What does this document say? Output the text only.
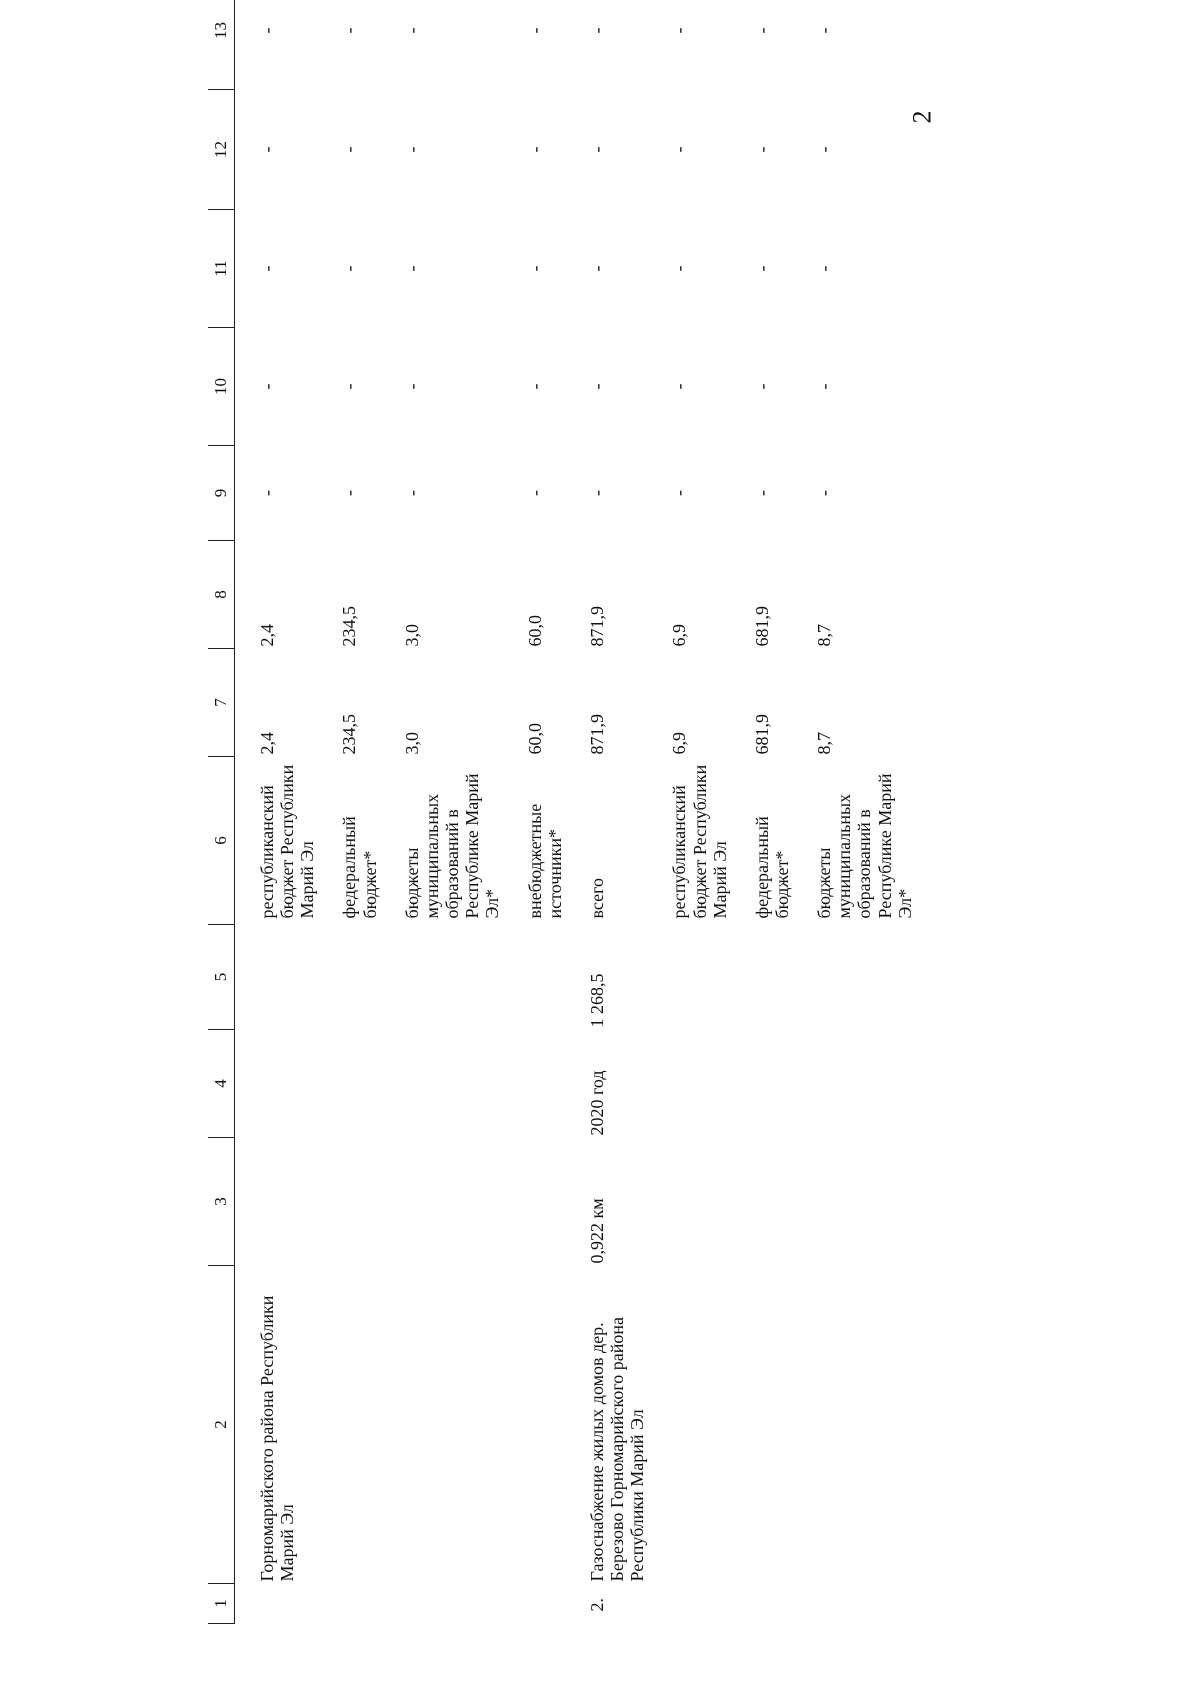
2
1	2	3	4	5	6	7	8	9	10	11	12	13

	Горномарийского района Республики Марий Эл				республиканский бюджет Республики Марий Эл	2,4	2,4	-	-	-	-	-

					федеральный бюджет*	234,5	234,5	-	-	-	-	-

					бюджеты муниципальных образований в Республике Марий Эл*	3,0	3,0	-	-	-	-	-

					внебюджетные источники*	60,0	60,0	-	-	-	-	-

2.	Газоснабжение жилых домов дер. Березово Горномарийского района Республики Марий Эл	0,922 км	2020 год	1 268,5	всего	871,9	871,9	-	-	-	-	-

					республиканский бюджет Республики Марий Эл	6,9	6,9	-	-	-	-	-

					федеральный бюджет*	681,9	681,9	-	-	-	-	-

					бюджеты муниципальных образований в Республике Марий Эл*	8,7	8,7	-	-	-	-	-
